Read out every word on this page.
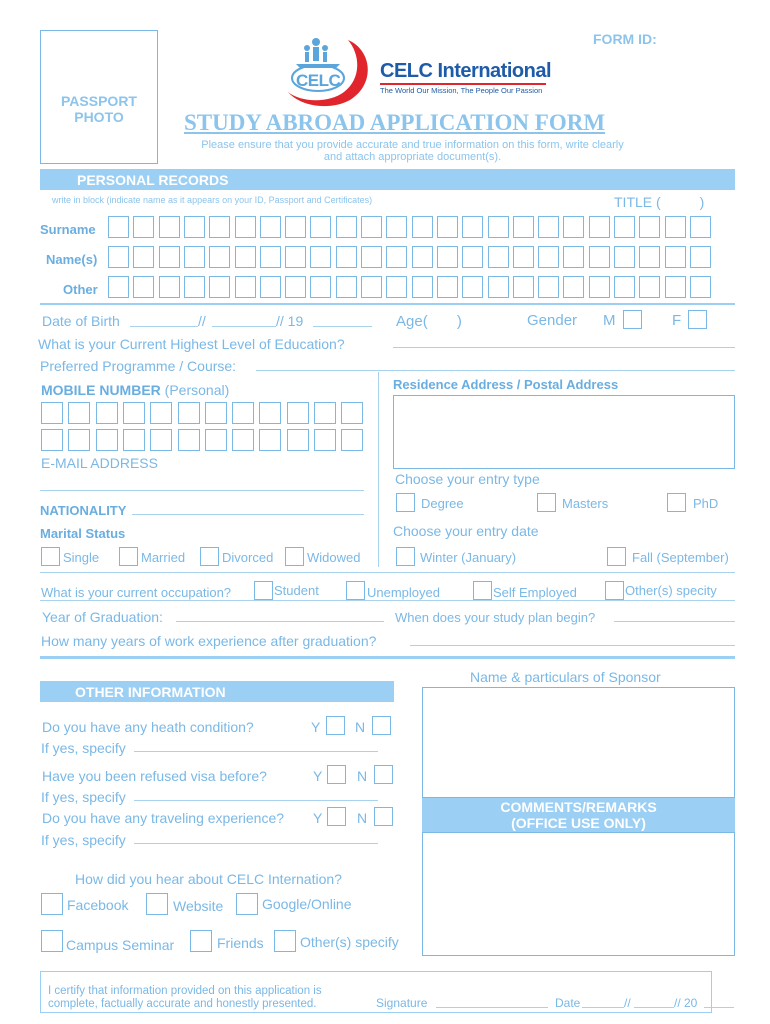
PASSPORT
PHOTO
FORM ID:
CELC CELC International
The World Our Mission, The People Our Passion
STUDY ABROAD APPLICATION FORM
Please ensure that you provide accurate and true information on this form, write clearly
and attach appropriate document(s).
PERSONAL RECORDS
write in block (indicate name as it appears on your ID, Passport and Certificates)	TITLE (          )
Surname
Name(s)
Other
Date of Birth	//	// 19	Age(       )	Gender M	F
What is your Current Highest Level of Education?
Preferred Programme / Course:
MOBILE NUMBER (Personal)	Residence Address / Postal Address
E-MAIL ADDRESS
Choose your entry type
Degree	Masters	PhD
NATIONALITY
Marital Status	Choose your entry date
Single	Married	Divorced	Widowed	Winter (January)	Fall (September)
What is your current occupation?	Student	Unemployed	Self Employed	Other(s) specity
Year of Graduation:	When does your study plan begin?
How many years of work experience after graduation?
OTHER INFORMATION
Name & particulars of Sponsor
COMMENTS/REMARKS
(OFFICE USE ONLY)
Do you have any heath condition?	Y N
If yes, specify
Have you been refused visa before?	Y N
If yes, specify
Do you have any traveling experience? Y N
If yes, specify
How did you hear about CELC Internation?
Facebook	Website	Google/Online
Campus Seminar	Friends	Other(s) specify
I certify that information provided on this application is
complete, factually accurate and honestly presented.	Signature	Date	//	// 20
